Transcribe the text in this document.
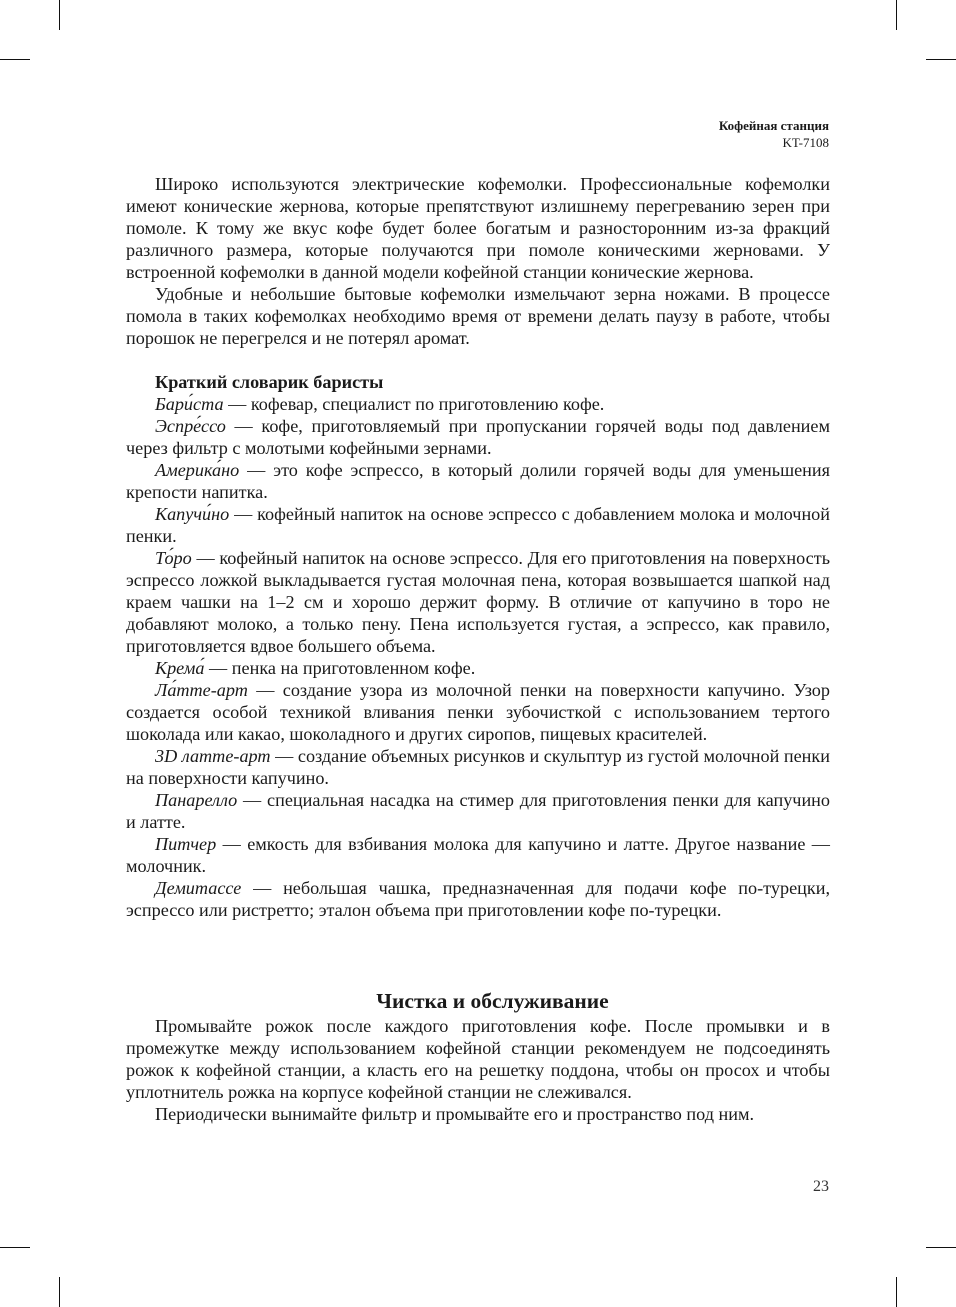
Кофейная станция
KT-7108

Широко используются электрические кофемолки. Профессиональные кофемолки имеют конические жернова, которые препятствуют излишнему перегреванию зерен при помоле. К тому же вкус кофе будет более богатым и разносторонним из-за фракций различного размера, которые получаются при помоле коническими жерновами. У встроенной кофемолки в данной модели кофейной станции конические жернова.

Удобные и небольшие бытовые кофемолки измельчают зерна ножами. В процессе помола в таких кофемолках необходимо время от времени делать паузу в работе, чтобы порошок не перегрелся и не потерял аромат.

Краткий словарик баристы

Бари́ста — кофевар, специалист по приготовлению кофе.

Эспре́ссо — кофе, приготовляемый при пропускании горячей воды под давлением через фильтр с молотыми кофейными зернами.

Америка́но — это кофе эспрессо, в который долили горячей воды для уменьшения крепости напитка.

Капучи́но — кофейный напиток на основе эспрессо с добавлением молока и молочной пенки.

То́ро — кофейный напиток на основе эспрессо. Для его приготовления на поверхность эспрессо ложкой выкладывается густая молочная пена, которая возвышается шапкой над краем чашки на 1–2 см и хорошо держит форму. В отличие от капучино в торо не добавляют молоко, а только пену. Пена используется густая, а эспрессо, как правило, приготовляется вдвое большего объема.

Крема́ — пенка на приготовленном кофе.

Ла́тте-арт — создание узора из молочной пенки на поверхности капучино. Узор создается особой техникой вливания пенки зубочисткой с использованием тертого шоколада или какао, шоколадного и других сиропов, пищевых красителей.

3D латте-арт — создание объемных рисунков и скульптур из густой молочной пенки на поверхности капучино.

Панарелло — специальная насадка на стимер для приготовления пенки для капучино и латте.

Питчер — емкость для взбивания молока для капучино и латте. Другое название — молочник.

Демитассе — небольшая чашка, предназначенная для подачи кофе по-турецки, эспрессо или ристретто; эталон объема при приготовлении кофе по-турецки.

Чистка и обслуживание

Промывайте рожок после каждого приготовления кофе. После промывки и в промежутке между использованием кофейной станции рекомендуем не подсоединять рожок к кофейной станции, а класть его на решетку поддона, чтобы он просох и чтобы уплотнитель рожка на корпусе кофейной станции не слеживался.

Периодически вынимайте фильтр и промывайте его и пространство под ним.

23
